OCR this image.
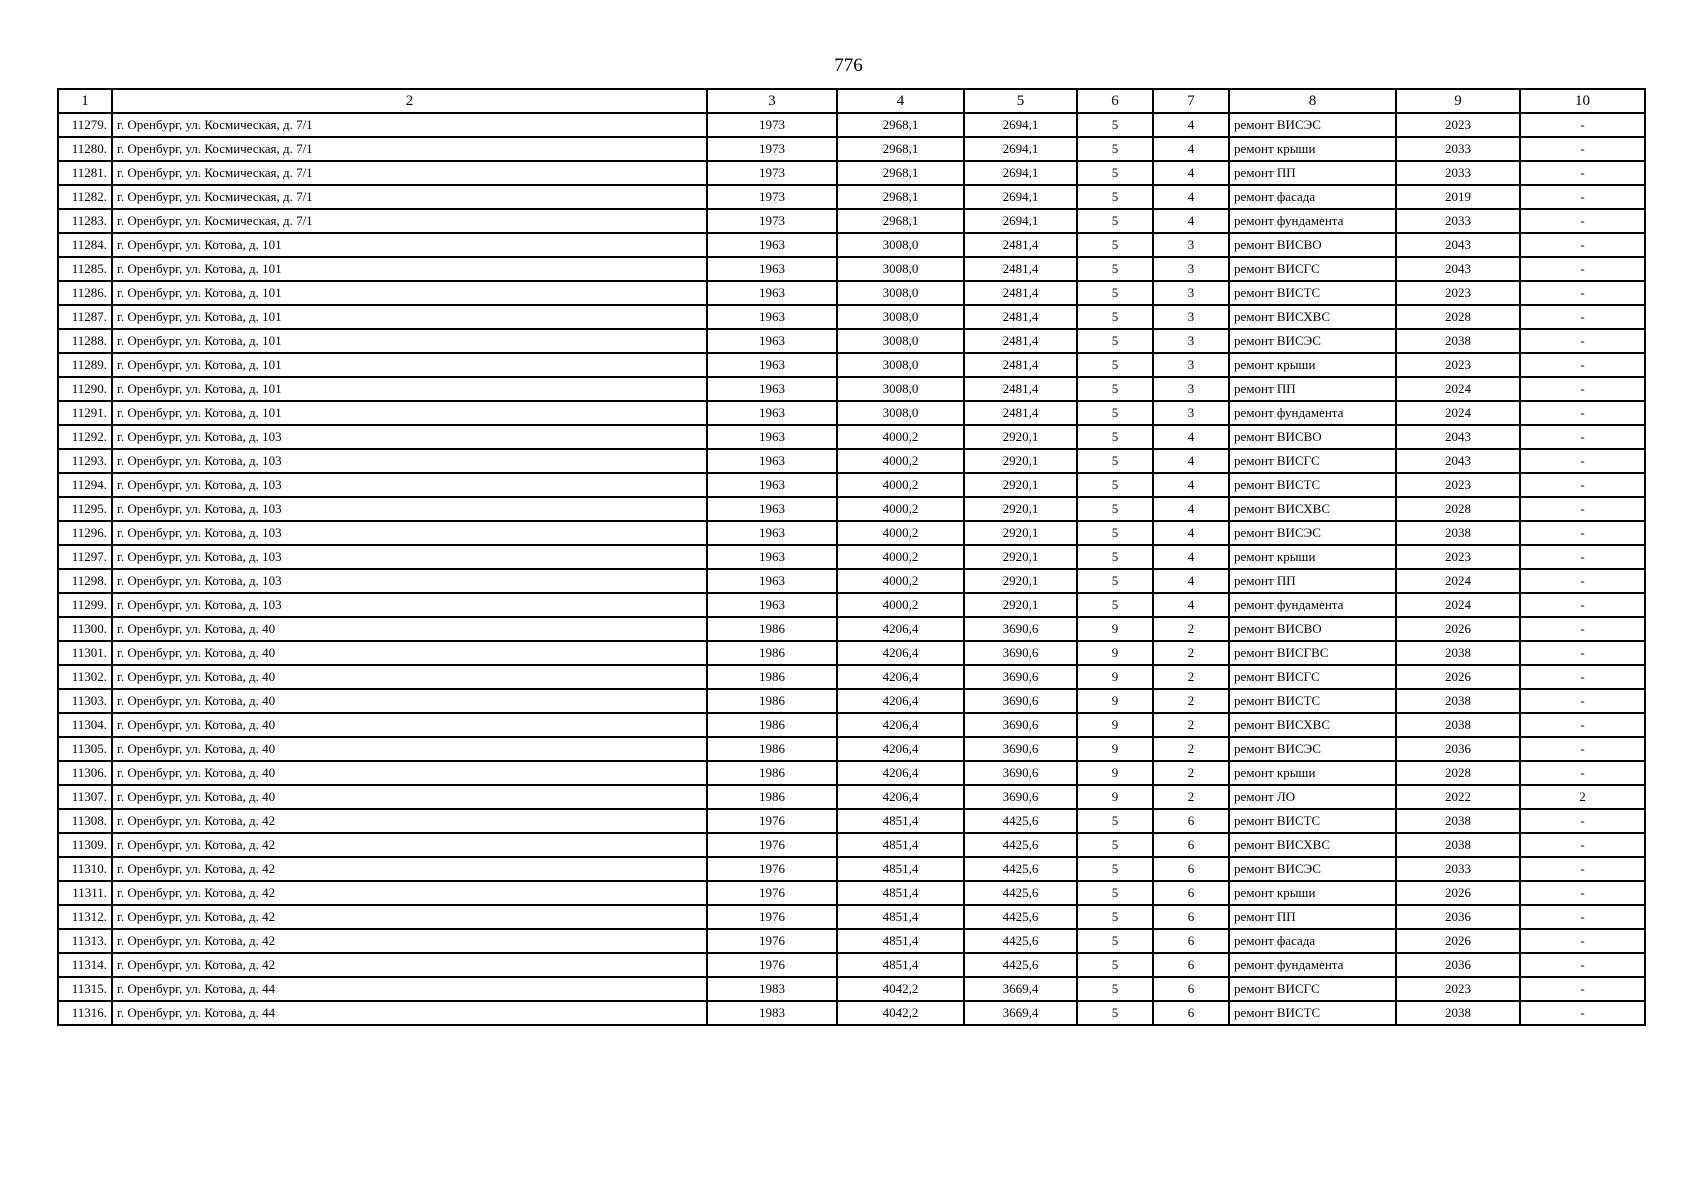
776
1	2	3	4	5	6	7	8	9	10
11279.	г. Оренбург, ул. Космическая, д. 7/1	1973	2968,1	2694,1	5	4	ремонт ВИСЭС	2023	-
11280.	г. Оренбург, ул. Космическая, д. 7/1	1973	2968,1	2694,1	5	4	ремонт крыши	2033	-
11281.	г. Оренбург, ул. Космическая, д. 7/1	1973	2968,1	2694,1	5	4	ремонт ПП	2033	-
11282.	г. Оренбург, ул. Космическая, д. 7/1	1973	2968,1	2694,1	5	4	ремонт фасада	2019	-
11283.	г. Оренбург, ул. Космическая, д. 7/1	1973	2968,1	2694,1	5	4	ремонт фундамента	2033	-
11284.	г. Оренбург, ул. Котова, д. 101	1963	3008,0	2481,4	5	3	ремонт ВИСВО	2043	-
11285.	г. Оренбург, ул. Котова, д. 101	1963	3008,0	2481,4	5	3	ремонт ВИСГС	2043	-
11286.	г. Оренбург, ул. Котова, д. 101	1963	3008,0	2481,4	5	3	ремонт ВИСТС	2023	-
11287.	г. Оренбург, ул. Котова, д. 101	1963	3008,0	2481,4	5	3	ремонт ВИСХВС	2028	-
11288.	г. Оренбург, ул. Котова, д. 101	1963	3008,0	2481,4	5	3	ремонт ВИСЭС	2038	-
11289.	г. Оренбург, ул. Котова, д. 101	1963	3008,0	2481,4	5	3	ремонт крыши	2023	-
11290.	г. Оренбург, ул. Котова, д. 101	1963	3008,0	2481,4	5	3	ремонт ПП	2024	-
11291.	г. Оренбург, ул. Котова, д. 101	1963	3008,0	2481,4	5	3	ремонт фундамента	2024	-
11292.	г. Оренбург, ул. Котова, д. 103	1963	4000,2	2920,1	5	4	ремонт ВИСВО	2043	-
11293.	г. Оренбург, ул. Котова, д. 103	1963	4000,2	2920,1	5	4	ремонт ВИСГС	2043	-
11294.	г. Оренбург, ул. Котова, д. 103	1963	4000,2	2920,1	5	4	ремонт ВИСТС	2023	-
11295.	г. Оренбург, ул. Котова, д. 103	1963	4000,2	2920,1	5	4	ремонт ВИСХВС	2028	-
11296.	г. Оренбург, ул. Котова, д. 103	1963	4000,2	2920,1	5	4	ремонт ВИСЭС	2038	-
11297.	г. Оренбург, ул. Котова, д. 103	1963	4000,2	2920,1	5	4	ремонт крыши	2023	-
11298.	г. Оренбург, ул. Котова, д. 103	1963	4000,2	2920,1	5	4	ремонт ПП	2024	-
11299.	г. Оренбург, ул. Котова, д. 103	1963	4000,2	2920,1	5	4	ремонт фундамента	2024	-
11300.	г. Оренбург, ул. Котова, д. 40	1986	4206,4	3690,6	9	2	ремонт ВИСВО	2026	-
11301.	г. Оренбург, ул. Котова, д. 40	1986	4206,4	3690,6	9	2	ремонт ВИСГВС	2038	-
11302.	г. Оренбург, ул. Котова, д. 40	1986	4206,4	3690,6	9	2	ремонт ВИСГС	2026	-
11303.	г. Оренбург, ул. Котова, д. 40	1986	4206,4	3690,6	9	2	ремонт ВИСТС	2038	-
11304.	г. Оренбург, ул. Котова, д. 40	1986	4206,4	3690,6	9	2	ремонт ВИСХВС	2038	-
11305.	г. Оренбург, ул. Котова, д. 40	1986	4206,4	3690,6	9	2	ремонт ВИСЭС	2036	-
11306.	г. Оренбург, ул. Котова, д. 40	1986	4206,4	3690,6	9	2	ремонт крыши	2028	-
11307.	г. Оренбург, ул. Котова, д. 40	1986	4206,4	3690,6	9	2	ремонт ЛО	2022	2
11308.	г. Оренбург, ул. Котова, д. 42	1976	4851,4	4425,6	5	6	ремонт ВИСТС	2038	-
11309.	г. Оренбург, ул. Котова, д. 42	1976	4851,4	4425,6	5	6	ремонт ВИСХВС	2038	-
11310.	г. Оренбург, ул. Котова, д. 42	1976	4851,4	4425,6	5	6	ремонт ВИСЭС	2033	-
11311.	г. Оренбург, ул. Котова, д. 42	1976	4851,4	4425,6	5	6	ремонт крыши	2026	-
11312.	г. Оренбург, ул. Котова, д. 42	1976	4851,4	4425,6	5	6	ремонт ПП	2036	-
11313.	г. Оренбург, ул. Котова, д. 42	1976	4851,4	4425,6	5	6	ремонт фасада	2026	-
11314.	г. Оренбург, ул. Котова, д. 42	1976	4851,4	4425,6	5	6	ремонт фундамента	2036	-
11315.	г. Оренбург, ул. Котова, д. 44	1983	4042,2	3669,4	5	6	ремонт ВИСГС	2023	-
11316.	г. Оренбург, ул. Котова, д. 44	1983	4042,2	3669,4	5	6	ремонт ВИСТС	2038	-
